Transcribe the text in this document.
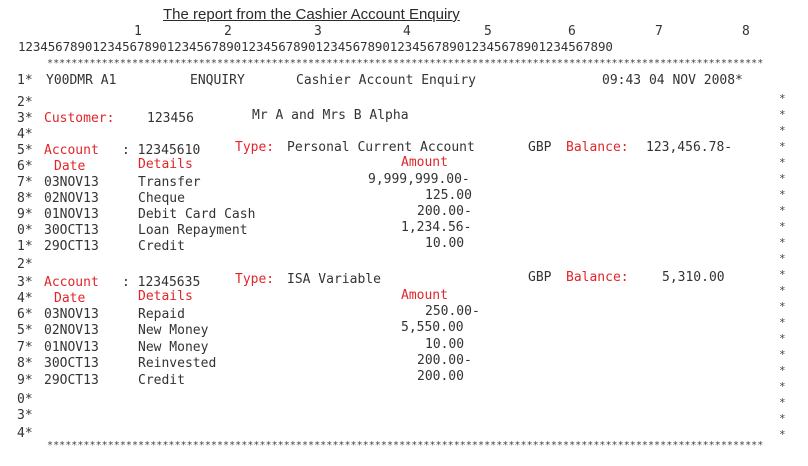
The report from the Cashier Account Enquiry
1	2	3	4	5	6	7	8
12345678901234567890123456789012345678901234567890123456789012345678901234567890
**********************************************************************************************************************
1* Y00DMR A1	ENQUIRY	Cashier Account Enquiry	09:43 04 NOV 2008*
2*
3* Customer:	123456	Mr A and Mrs B Alpha
4*
5* Account : 12345610	Type: Personal Current Account	GBP Balance: 123,456.78-
6* Date	Details	Amount
7* 03NOV13	Transfer	9,999,999.00-
8* 02NOV13	Cheque	125.00
9* 01NOV13	Debit Card Cash	200.00-
0* 30OCT13	Loan Repayment	1,234.56-
1* 29OCT13	Credit	10.00
2*
3* Account : 12345635	Type: ISA Variable	GBP Balance:	5,310.00
4* Date	Details	Amount
6* 03NOV13	Repaid	250.00-
5* 02NOV13	New Money	5,550.00
7* 01NOV13	New Money	10.00
8* 30OCT13	Reinvested	200.00-
9* 29OCT13	Credit	200.00
0*
3*
4*
**********************************************************************************************************************
*
*
*
*
*
*
*
*
*
*
*
*
*
*
*
*
*
*
*
*
*
*
